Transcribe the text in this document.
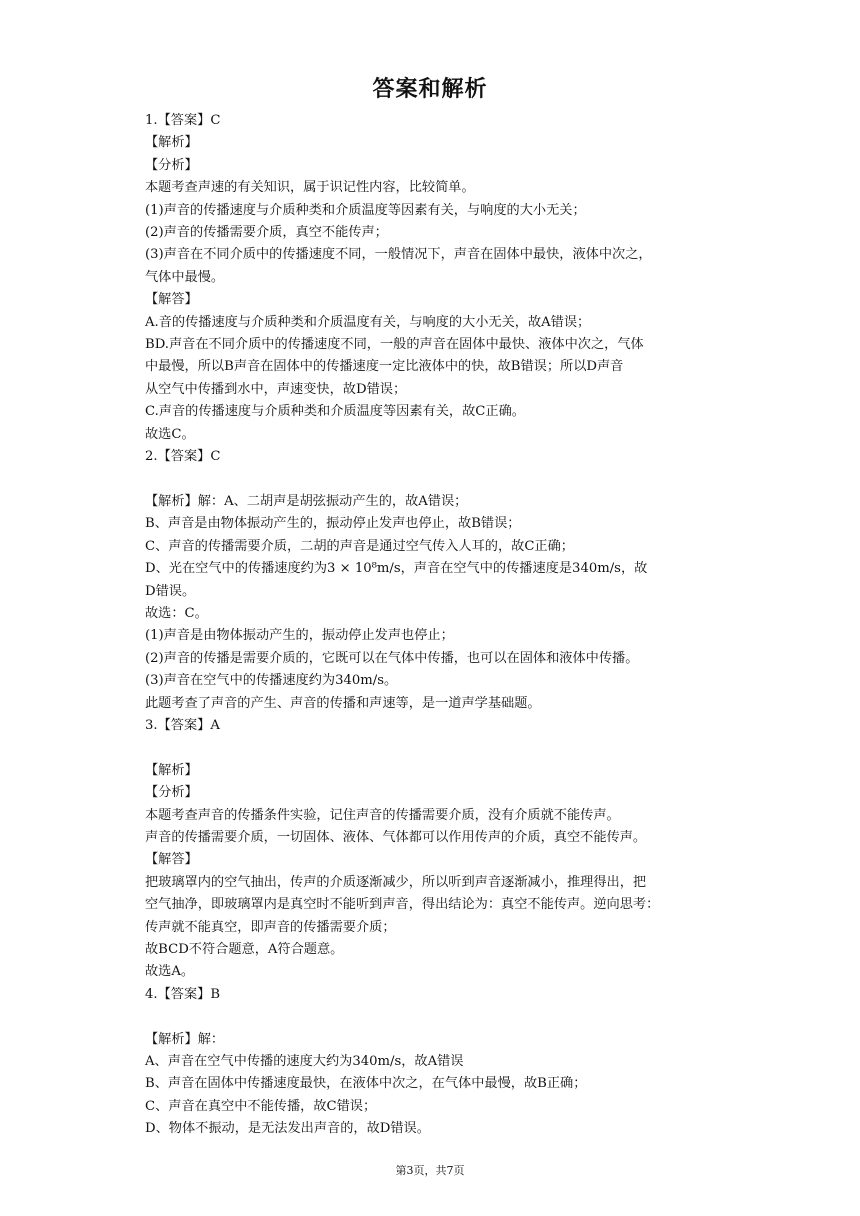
答案和解析
1.【答案】C
【解析】
【分析】
本题考查声速的有关知识，属于识记性内容，比较简单。
(1)声音的传播速度与介质种类和介质温度等因素有关，与响度的大小无关；
(2)声音的传播需要介质，真空不能传声；
(3)声音在不同介质中的传播速度不同，一般情况下，声音在固体中最快，液体中次之，
气体中最慢。
【解答】
A.音的传播速度与介质种类和介质温度有关，与响度的大小无关，故A错误；
BD.声音在不同介质中的传播速度不同，一般的声音在固体中最快、液体中次之，气体
中最慢，所以B声音在固体中的传播速度一定比液体中的快，故B错误；所以D声音
从空气中传播到水中，声速变快，故D错误；
C.声音的传播速度与介质种类和介质温度等因素有关，故C正确。
故选C。
2.【答案】C
【解析】解：A、二胡声是胡弦振动产生的，故A错误；
B、声音是由物体振动产生的，振动停止发声也停止，故B错误；
C、声音的传播需要介质，二胡的声音是通过空气传入人耳的，故C正确；
D、光在空气中的传播速度约为3 × 10⁸m/s，声音在空气中的传播速度是340m/s，故
D错误。
故选：C。
(1)声音是由物体振动产生的，振动停止发声也停止；
(2)声音的传播是需要介质的，它既可以在气体中传播，也可以在固体和液体中传播。
(3)声音在空气中的传播速度约为340m/s。
此题考查了声音的产生、声音的传播和声速等，是一道声学基础题。
3.【答案】A
【解析】
【分析】
本题考查声音的传播条件实验，记住声音的传播需要介质，没有介质就不能传声。
声音的传播需要介质，一切固体、液体、气体都可以作用传声的介质，真空不能传声。
【解答】
把玻璃罩内的空气抽出，传声的介质逐渐减少，所以听到声音逐渐减小，推理得出，把
空气抽净，即玻璃罩内是真空时不能听到声音，得出结论为：真空不能传声。逆向思考：
传声就不能真空，即声音的传播需要介质；
故BCD不符合题意，A符合题意。
故选A。
4.【答案】B
【解析】解：
A、声音在空气中传播的速度大约为340m/s，故A错误
B、声音在固体中传播速度最快，在液体中次之，在气体中最慢，故B正确；
C、声音在真空中不能传播，故C错误；
D、物体不振动，是无法发出声音的，故D错误。
第3页，共7页
